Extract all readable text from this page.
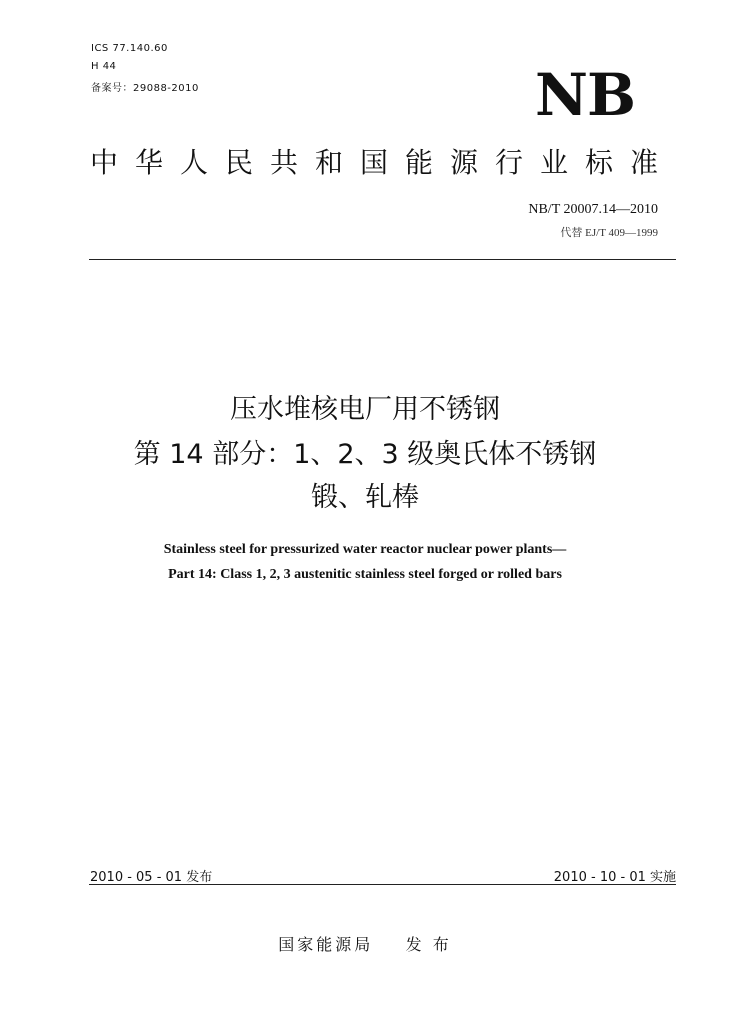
ICS 77.140.60
H 44
备案号：29088-2010	NB
中华人民共和国能源行业标准
NB/T 20007.14—2010
代替 EJ/T 409—1999
压水堆核电厂用不锈钢
第 14 部分：1、2、3 级奥氏体不锈钢
锻、轧棒
Stainless steel for pressurized water reactor nuclear power plants—
Part 14: Class 1, 2, 3 austenitic stainless steel forged or rolled bars
2010 - 05 - 01 发布	2010 - 10 - 01 实施
国家能源局 发 布
